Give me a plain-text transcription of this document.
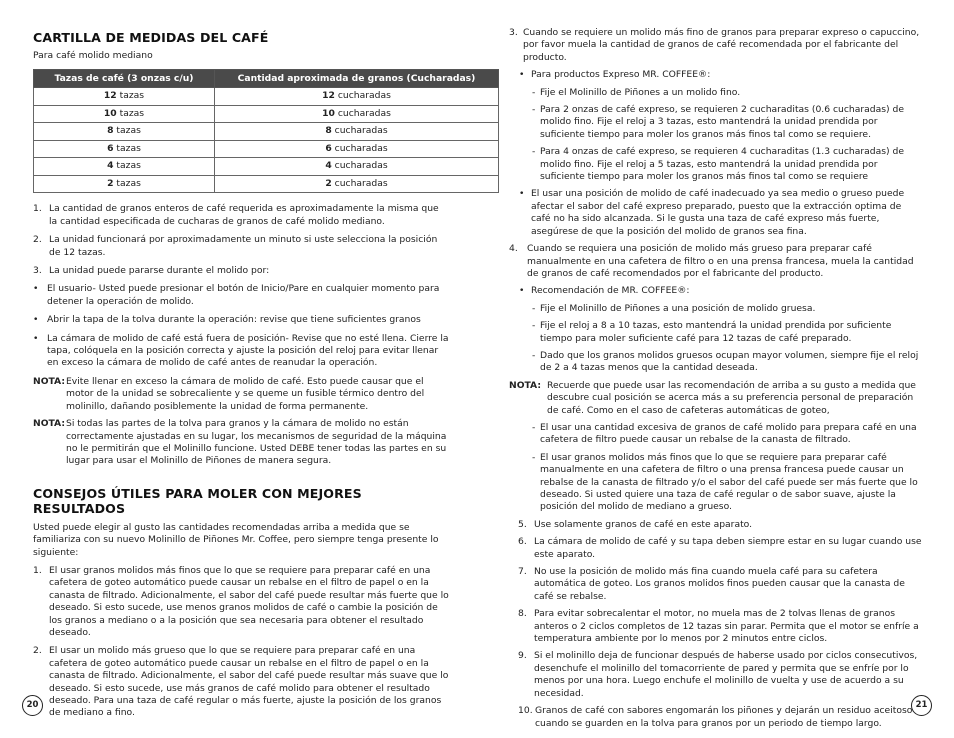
CARTILLA DE MEDIDAS DEL CAFÉ
Para café molido mediano
Tazas de café (3 onzas c/u)	Cantidad aproximada de granos (Cucharadas)
12 tazas	12 cucharadas
10 tazas	10 cucharadas
8 tazas	8 cucharadas
6 tazas	6 cucharadas
4 tazas	4 cucharadas
2 tazas	2 cucharadas
1. La cantidad de granos enteros de café requerida es aproximadamente la misma que la cantidad especificada de cucharas de granos de café molido mediano.
2. La unidad funcionará por aproximadamente un minuto si uste selecciona la posición de 12 tazas.
3. La unidad puede pararse durante el molido por:
• El usuario- Usted puede presionar el botón de Inicio/Pare en cualquier momento para detener la operación de molido.
• Abrir la tapa de la tolva durante la operación: revise que tiene suficientes granos
• La cámara de molido de café está fuera de posición- Revise que no esté llena. Cierre la tapa, colóquela en la posición correcta y ajuste la posición del reloj para evitar llenar en exceso la cámara de molido de café antes de reanudar la operación.
NOTA: Evite llenar en exceso la cámara de molido de café. Esto puede causar que el motor de la unidad se sobrecaliente y se queme un fusible térmico dentro del molinillo, dañando posiblemente la unidad de forma permanente.
NOTA: Si todas las partes de la tolva para granos y la cámara de molido no están correctamente ajustadas en su lugar, los mecanismos de seguridad de la máquina no le permitirán que el Molinillo funcione. Usted DEBE tener todas las partes en su lugar para usar el Molinillo de Piñones de manera segura.
CONSEJOS ÚTILES PARA MOLER CON MEJORES RESULTADOS
Usted puede elegir al gusto las cantidades recomendadas arriba a medida que se familiariza con su nuevo Molinillo de Piñones Mr. Coffee, pero siempre tenga presente lo siguiente:
1. El usar granos molidos más finos que lo que se requiere para preparar café en una cafetera de goteo automático puede causar un rebalse en el filtro de papel o en la canasta de filtrado. Adicionalmente, el sabor del café puede resultar más fuerte que lo deseado. Si esto sucede, use menos granos molidos de café o cambie la posición de los granos a mediano o a la posición que sea necesaria para obtener el resultado deseado.
2. El usar un molido más grueso que lo que se requiere para preparar café en una cafetera de goteo automático puede causar un rebalse en el filtro de papel o en la canasta de filtrado. Adicionalmente, el sabor del café puede resultar más suave que lo deseado. Si esto sucede, use más granos de café molido para obtener el resultado deseado. Para una taza de café regular o más fuerte, ajuste la posición de los granos de mediano a fino.
20
3. Cuando se requiere un molido más fino de granos para preparar expreso o capuccino, por favor muela la cantidad de granos de café recomendada por el fabricante del producto.
• Para productos Expreso MR. COFFEE®:
- Fije el Molinillo de Piñones a un molido fino.
- Para 2 onzas de café expreso, se requieren 2 cucharaditas (0.6 cucharadas) de molido fino. Fije el reloj a 3 tazas, esto mantendrá la unidad prendida por suficiente tiempo para moler los granos más finos tal como se requiere.
- Para 4 onzas de café expreso, se requieren 4 cucharaditas (1.3 cucharadas) de molido fino. Fije el reloj a 5 tazas, esto mantendrá la unidad prendida por suficiente tiempo para moler los granos más finos tal como se requiere
• El usar una posición de molido de café inadecuado ya sea medio o grueso puede afectar el sabor del café expreso preparado, puesto que la extracción optima de café no ha sido alcanzada. Si le gusta una taza de café expreso más fuerte, asegúrese de que la posición del molido de granos sea fina.
4. Cuando se requiera una posición de molido más grueso para preparar café manualmente en una cafetera de filtro o en una prensa francesa, muela la cantidad de granos de café recomendados por el fabricante del producto.
• Recomendación de MR. COFFEE®:
- Fije el Molinillo de Piñones a una posición de molido gruesa.
- Fije el reloj a 8 a 10 tazas, esto mantendrá la unidad prendida por suficiente tiempo para moler suficiente café para 12 tazas de café preparado.
- Dado que los granos molidos gruesos ocupan mayor volumen, siempre fije el reloj de 2 a 4 tazas menos que la cantidad deseada.
NOTA: Recuerde que puede usar las recomendación de arriba a su gusto a medida que descubre cual posición se acerca más a su preferencia personal de preparación de café. Como en el caso de cafeteras automáticas de goteo,
- El usar una cantidad excesiva de granos de café molido para prepara café en una cafetera de filtro puede causar un rebalse de la canasta de filtrado.
- El usar granos molidos más finos que lo que se requiere para preparar café manualmente en una cafetera de filtro o una prensa francesa puede causar un rebalse de la canasta de filtrado y/o el sabor del café puede ser más fuerte que lo deseado. Si usted quiere una taza de café regular o de sabor suave, ajuste la posición del molido de mediano a grueso.
5. Use solamente granos de café en este aparato.
6. La cámara de molido de café y su tapa deben siempre estar en su lugar cuando use este aparato.
7. No use la posición de molido más fina cuando muela café para su cafetera automática de goteo. Los granos molidos finos pueden causar que la canasta de café se rebalse.
8. Para evitar sobrecalentar el motor, no muela mas de 2 tolvas llenas de granos anteros o 2 ciclos completos de 12 tazas sin parar. Permita que el motor se enfríe a temperatura ambiente por lo menos por 2 minutos entre ciclos.
9. Si el molinillo deja de funcionar después de haberse usado por ciclos consecutivos, desenchufe el molinillo del tomacorriente de pared y permita que se enfríe por lo menos por una hora. Luego enchufe el molinillo de vuelta y use de acuerdo a su necesidad.
10. Granos de café con sabores engomarán los piñones y dejarán un residuo aceitoso cuando se guarden en la tolva para granos por un periodo de tiempo largo.
21
